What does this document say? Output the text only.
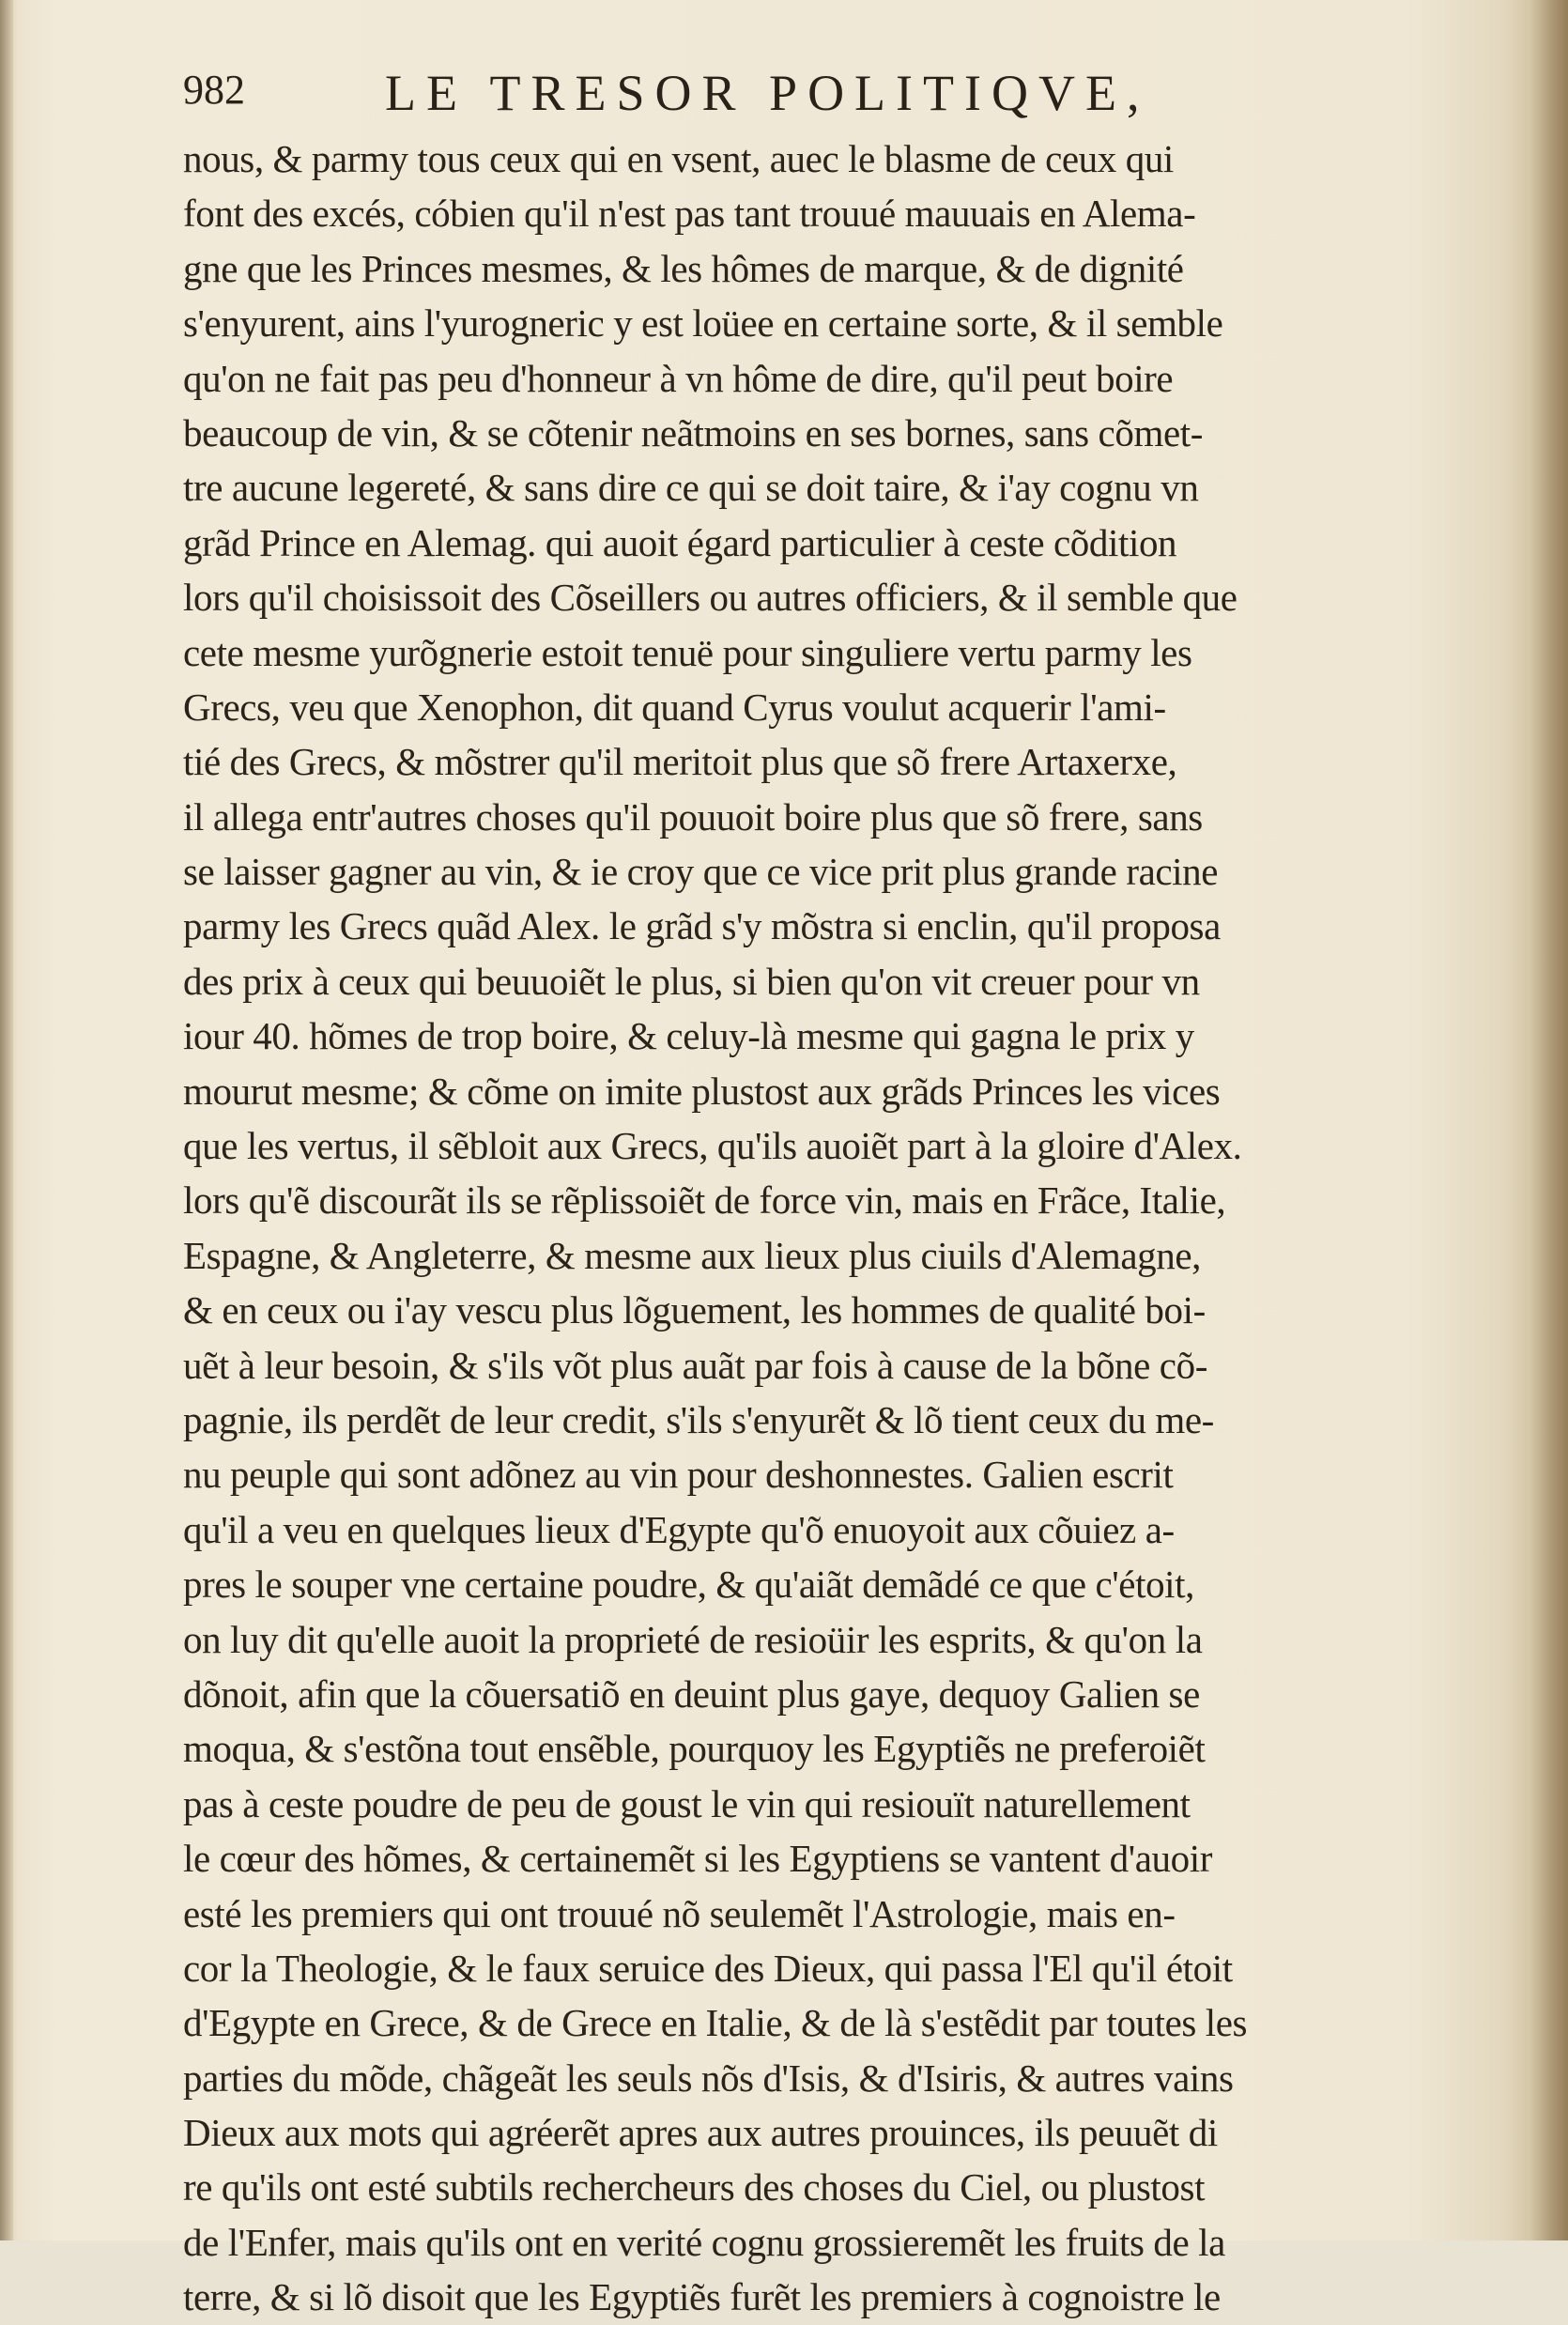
982	LE TRESOR POLITIQVE,
nous, & parmy tous ceux qui en vsent, auec le blasme de ceux qui
font des excés, cóbien qu'il n'est pas tant trouué mauuais en Alema-
gne que les Princes mesmes, & les hômes de marque, & de dignité
s'enyurent, ains l'yurogneric y est loüee en certaine sorte, & il semble
qu'on ne fait pas peu d'honneur à vn hôme de dire, qu'il peut boire
beaucoup de vin, & se cõtenir neãtmoins en ses bornes, sans cõmet-
tre aucune legereté, & sans dire ce qui se doit taire, & i'ay cognu vn
grãd Prince en Alemag. qui auoit égard particulier à ceste cõdition
lors qu'il choisissoit des Cõseillers ou autres officiers, & il semble que
cete mesme yurõgnerie estoit tenuë pour singuliere vertu parmy les
Grecs, veu que Xenophon, dit quand Cyrus voulut acquerir l'ami-
tié des Grecs, & mõstrer qu'il meritoit plus que sõ frere Artaxerxe,
il allega entr'autres choses qu'il pouuoit boire plus que sõ frere, sans
se laisser gagner au vin, & ie croy que ce vice prit plus grande racine
parmy les Grecs quãd Alex. le grãd s'y mõstra si enclin, qu'il proposa
des prix à ceux qui beuuoiẽt le plus, si bien qu'on vit creuer pour vn
iour 40. hõmes de trop boire, & celuy-là mesme qui gagna le prix y
mourut mesme; & cõme on imite plustost aux grãds Princes les vices
que les vertus, il sẽbloit aux Grecs, qu'ils auoiẽt part à la gloire d'Alex.
lors qu'ẽ discourãt ils se rẽplissoiẽt de force vin, mais en Frãce, Italie,
Espagne, & Angleterre, & mesme aux lieux plus ciuils d'Alemagne,
& en ceux ou i'ay vescu plus lõguement, les hommes de qualité boi-
uẽt à leur besoin, & s'ils võt plus auãt par fois à cause de la bõne cõ-
pagnie, ils perdẽt de leur credit, s'ils s'enyurẽt & lõ tient ceux du me-
nu peuple qui sont adõnez au vin pour deshonnestes. Galien escrit
qu'il a veu en quelques lieux d'Egypte qu'õ enuoyoit aux cõuiez a-
pres le souper vne certaine poudre, & qu'aiãt demãdé ce que c'étoit,
on luy dit qu'elle auoit la proprieté de resioüir les esprits, & qu'on la
dõnoit, afin que la cõuersatiõ en deuint plus gaye, dequoy Galien se
moqua, & s'estõna tout ensẽble, pourquoy les Egyptiẽs ne preferoiẽt
pas à ceste poudre de peu de goust le vin qui resiouït naturellement
le cœur des hõmes, & certainemẽt si les Egyptiens se vantent d'auoir
esté les premiers qui ont trouué nõ seulemẽt l'Astrologie, mais en-
cor la Theologie, & le faux seruice des Dieux, qui passa l'El qu'il étoit
d'Egypte en Grece, & de Grece en Italie, & de là s'estẽdit par toutes les
parties du mõde, chãgeãt les seuls nõs d'Isis, & d'Isiris, & autres vains
Dieux aux mots qui agréerẽt apres aux autres prouinces, ils peuuẽt di
re qu'ils ont esté subtils rechercheurs des choses du Ciel, ou plustost
de l'Enfer, mais qu'ils ont en verité cognu grossieremẽt les fruits de la
terre, & si lõ disoit que les Egyptiẽs furẽt les premiers à cognoistre le
